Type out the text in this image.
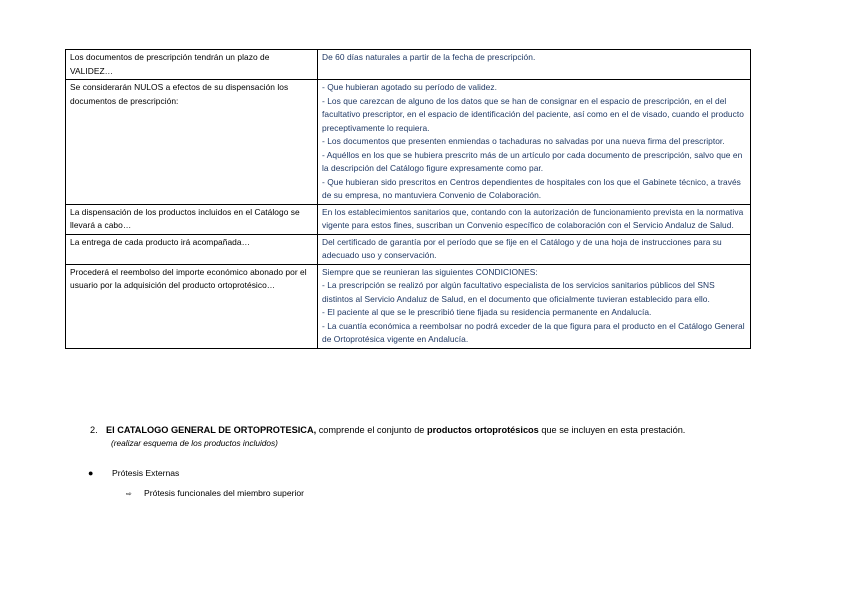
Los documentos de prescripción tendrán un plazo de VALIDEZ…	De 60 días naturales a partir de la fecha de prescripción.

Se considerarán NULOS a efectos de su dispensación los documentos de prescripción:	- Que hubieran agotado su período de validez.
- Los que carezcan de alguno de los datos que se han de consignar en el espacio de prescripción, en el del facultativo prescriptor, en el espacio de identificación del paciente, así como en el de visado, cuando el producto preceptivamente lo requiera.
- Los documentos que presenten enmiendas o tachaduras no salvadas por una nueva firma del prescriptor.
- Aquéllos en los que se hubiera prescrito más de un artículo por cada documento de prescripción, salvo que en la descripción del Catálogo figure expresamente como par.
- Que hubieran sido prescritos en Centros dependientes de hospitales con los que el Gabinete técnico, a través de su empresa, no mantuviera Convenio de Colaboración.

La dispensación de los productos incluidos en el Catálogo se llevará a cabo…	En los establecimientos sanitarios que, contando con la autorización de funcionamiento prevista en la normativa vigente para estos fines, suscriban un Convenio específico de colaboración con el Servicio Andaluz de Salud.

La entrega de cada producto irá acompañada…	Del certificado de garantía por el período que se fije en el Catálogo y de una hoja de instrucciones para su adecuado uso y conservación.

Procederá el reembolso del importe económico abonado por el usuario por la adquisición del producto ortoprotésico…	Siempre que se reunieran las siguientes CONDICIONES:
- La prescripción se realizó por algún facultativo especialista de los servicios sanitarios públicos del SNS distintos al Servicio Andaluz de Salud, en el documento que oficialmente tuvieran establecido para ello.
- El paciente al que se le prescribió tiene fijada su residencia permanente en Andalucía.
- La cuantía económica a reembolsar no podrá exceder de la que figura para el producto en el Catálogo General de Ortoprotésica vigente en Andalucía.
2. El CATALOGO GENERAL DE ORTOPROTESICA, comprende el conjunto de productos ortoprotésicos que se incluyen en esta prestación.
(realizar esquema de los productos incluidos)
● Prótesis Externas
⇨ Prótesis funcionales del miembro superior
